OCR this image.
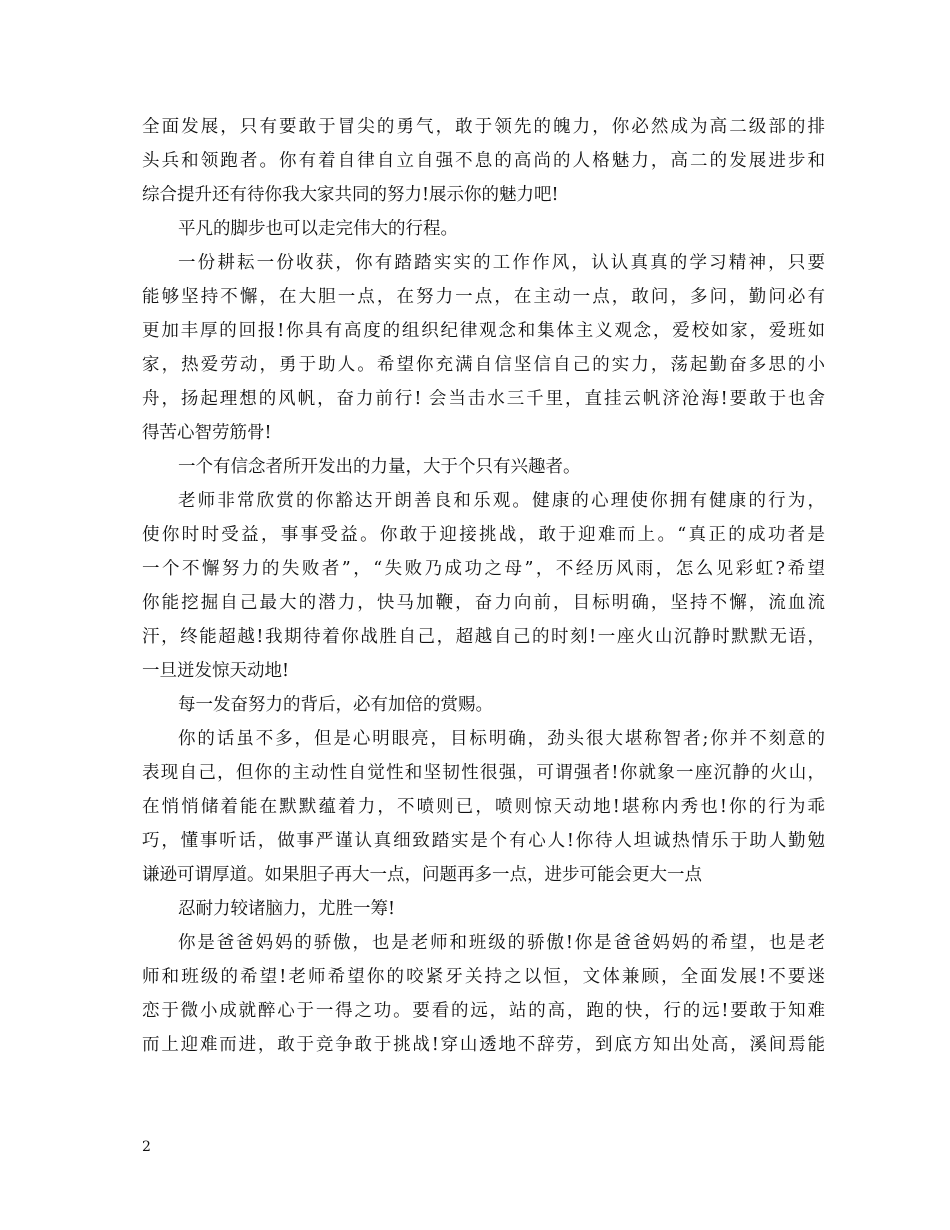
全面发展，只有要敢于冒尖的勇气，敢于领先的魄力，你必然成为高二级部的排
头兵和领跑者。你有着自律自立自强不息的高尚的人格魅力，高二的发展进步和
综合提升还有待你我大家共同的努力!展示你的魅力吧!
平凡的脚步也可以走完伟大的行程。
一份耕耘一份收获，你有踏踏实实的工作作风，认认真真的学习精神，只要
能够坚持不懈，在大胆一点，在努力一点，在主动一点，敢问，多问，勤问必有
更加丰厚的回报!你具有高度的组织纪律观念和集体主义观念，爱校如家，爱班如
家，热爱劳动，勇于助人。希望你充满自信坚信自己的实力，荡起勤奋多思的小
舟，扬起理想的风帆，奋力前行! 会当击水三千里，直挂云帆济沧海!要敢于也舍
得苦心智劳筋骨!
一个有信念者所开发出的力量，大于个只有兴趣者。
老师非常欣赏的你豁达开朗善良和乐观。健康的心理使你拥有健康的行为，
使你时时受益，事事受益。你敢于迎接挑战，敢于迎难而上。“真正的成功者是
一个不懈努力的失败者”，“失败乃成功之母”，不经历风雨，怎么见彩虹?希望
你能挖掘自己最大的潜力，快马加鞭，奋力向前，目标明确，坚持不懈，流血流
汗，终能超越!我期待着你战胜自己，超越自己的时刻!一座火山沉静时默默无语，
一旦迸发惊天动地!
每一发奋努力的背后，必有加倍的赏赐。
你的话虽不多，但是心明眼亮，目标明确，劲头很大堪称智者;你并不刻意的
表现自己，但你的主动性自觉性和坚韧性很强，可谓强者!你就象一座沉静的火山，
在悄悄储着能在默默蕴着力，不喷则已，喷则惊天动地!堪称内秀也!你的行为乖
巧，懂事听话，做事严谨认真细致踏实是个有心人!你待人坦诚热情乐于助人勤勉
谦逊可谓厚道。如果胆子再大一点，问题再多一点，进步可能会更大一点
忍耐力较诸脑力，尤胜一筹!
你是爸爸妈妈的骄傲，也是老师和班级的骄傲!你是爸爸妈妈的希望，也是老
师和班级的希望!老师希望你的咬紧牙关持之以恒，文体兼顾，全面发展!不要迷
恋于微小成就醉心于一得之功。要看的远，站的高，跑的快，行的远!要敢于知难
而上迎难而进，敢于竞争敢于挑战!穿山透地不辞劳，到底方知出处高，溪间焉能
2
